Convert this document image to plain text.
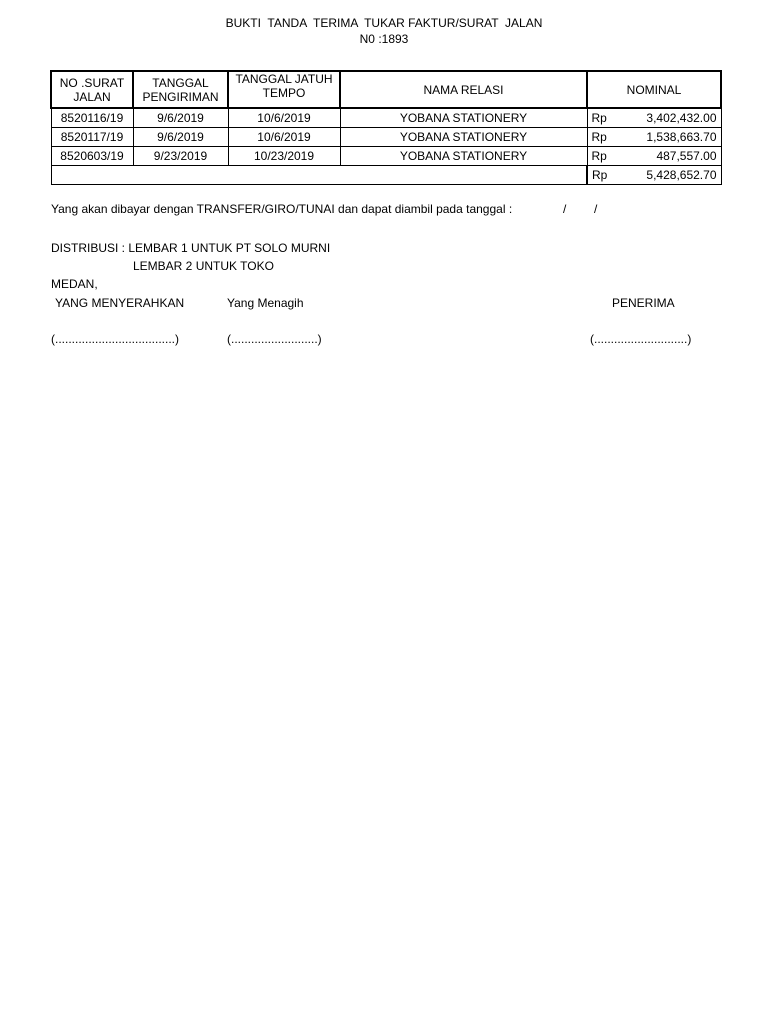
BUKTI  TANDA  TERIMA  TUKAR FAKTUR/SURAT  JALAN
N0 :1893
NO .SURAT JALAN	TANGGAL PENGIRIMAN	TANGGAL JATUH TEMPO	NAMA RELASI	NOMINAL	
8520116/19	9/6/2019	10/6/2019	YOBANA STATIONERY	Rp	3,402,432.00
8520117/19	9/6/2019	10/6/2019	YOBANA STATIONERY	Rp	1,538,663.70
8520603/19	9/23/2019	10/23/2019	YOBANA STATIONERY	Rp	487,557.00
				Rp	5,428,652.70
Yang akan dibayar dengan TRANSFER/GIRO/TUNAI dan dapat diambil pada tanggal :	/ /
DISTRIBUSI : LEMBAR 1 UNTUK PT SOLO MURNI
LEMBAR 2 UNTUK TOKO
MEDAN,
YANG MENYERAHKAN	Yang Menagih	PENERIMA
(....................................)	(..........................)	(............................)
